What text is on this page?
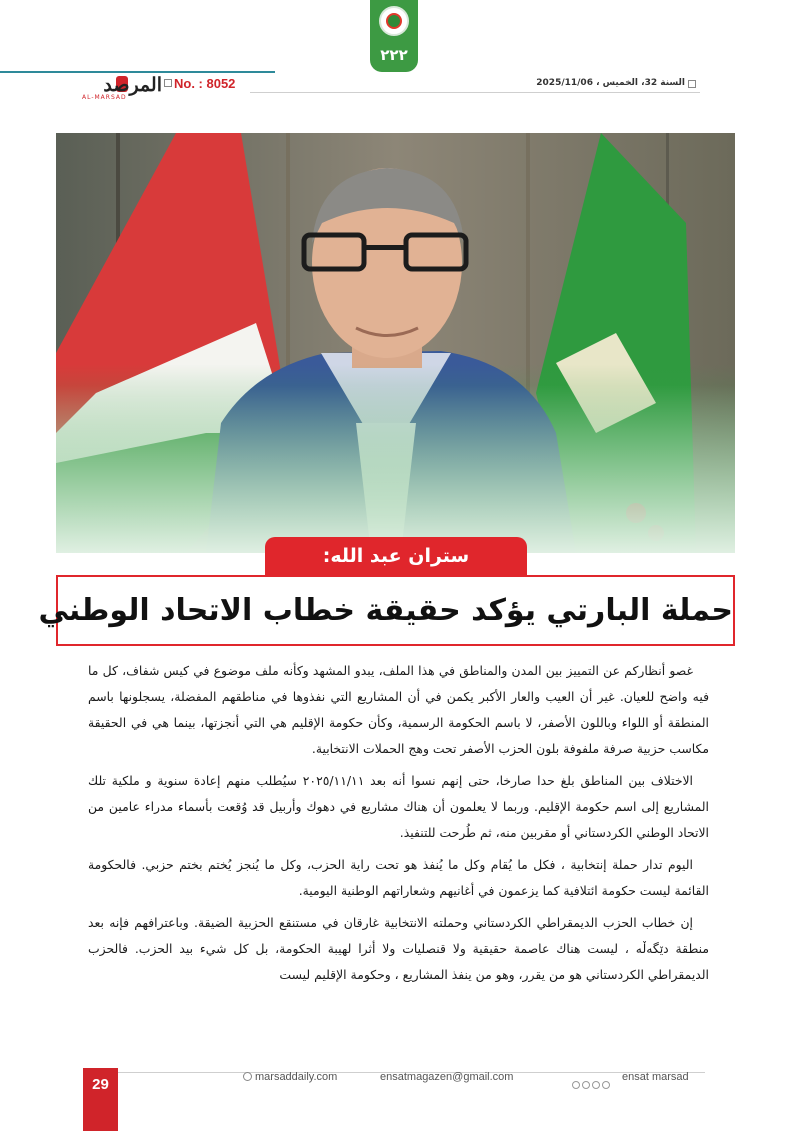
٢٢٢
المرصد
AL-MARSAD
No. : 8052	السنة 32، الخميس ، 2025/11/06
ستران عبد الله:
حملة البارتي يؤكد حقيقة خطاب الاتحاد الوطني

غصو أنظاركم عن التمييز بين المدن والمناطق في هذا الملف، يبدو المشهد وكأنه ملف موضوع في كيس شفاف، كل ما فيه واضح للعيان. غير أن العيب والعار الأكبر يكمن في أن المشاريع التي نفذوها في مناطقهم المفضلة، يسجلونها باسم المنطقة أو اللواء وباللون الأصفر، لا باسم الحكومة الرسمية، وكأن حكومة الإقليم هي التي أنجزتها، بينما هي في الحقيقة مكاسب حزبية صرفة ملفوفة بلون الحزب الأصفر تحت وهج الحملات الانتخابية.

الاختلاف بين المناطق بلغ حدا صارخا، حتى إنهم نسوا أنه بعد ٢٠٢٥/١١/١١ سيُطلب منهم إعادة سنوية و ملكية تلك المشاريع إلى اسم حكومة الإقليم. وربما لا يعلمون أن هناك مشاريع في دهوك وأربيل قد وُقعت بأسماء مدراء عامين من الاتحاد الوطني الكردستاني أو مقربين منه، ثم طُرحت للتنفيذ.

اليوم تدار حملة إنتخابية ، فكل ما يُقام وكل ما يُنفذ هو تحت راية الحزب، وكل ما يُنجز يُختم بختم حزبي. فالحكومة القائمة ليست حكومة ائتلافية كما يزعمون في أغانيهم وشعاراتهم الوطنية اليومية.

إن خطاب الحزب الديمقراطي الكردستاني وحملته الانتخابية غارقان في مستنقع الحزبية الضيقة. وباعترافهم فإنه بعد منطقة دێگەڵە ، ليست هناك عاصمة حقيقية ولا قنصليات ولا أثرا لهيبة الحكومة، بل كل شيء بيد الحزب. فالحزب الديمقراطي الكردستاني هو من يقرر، وهو من ينفذ المشاريع ، وحكومة الإقليم ليست

29	marsaddaily.com	ensatmagazen@gmail.com	ensat marsad
